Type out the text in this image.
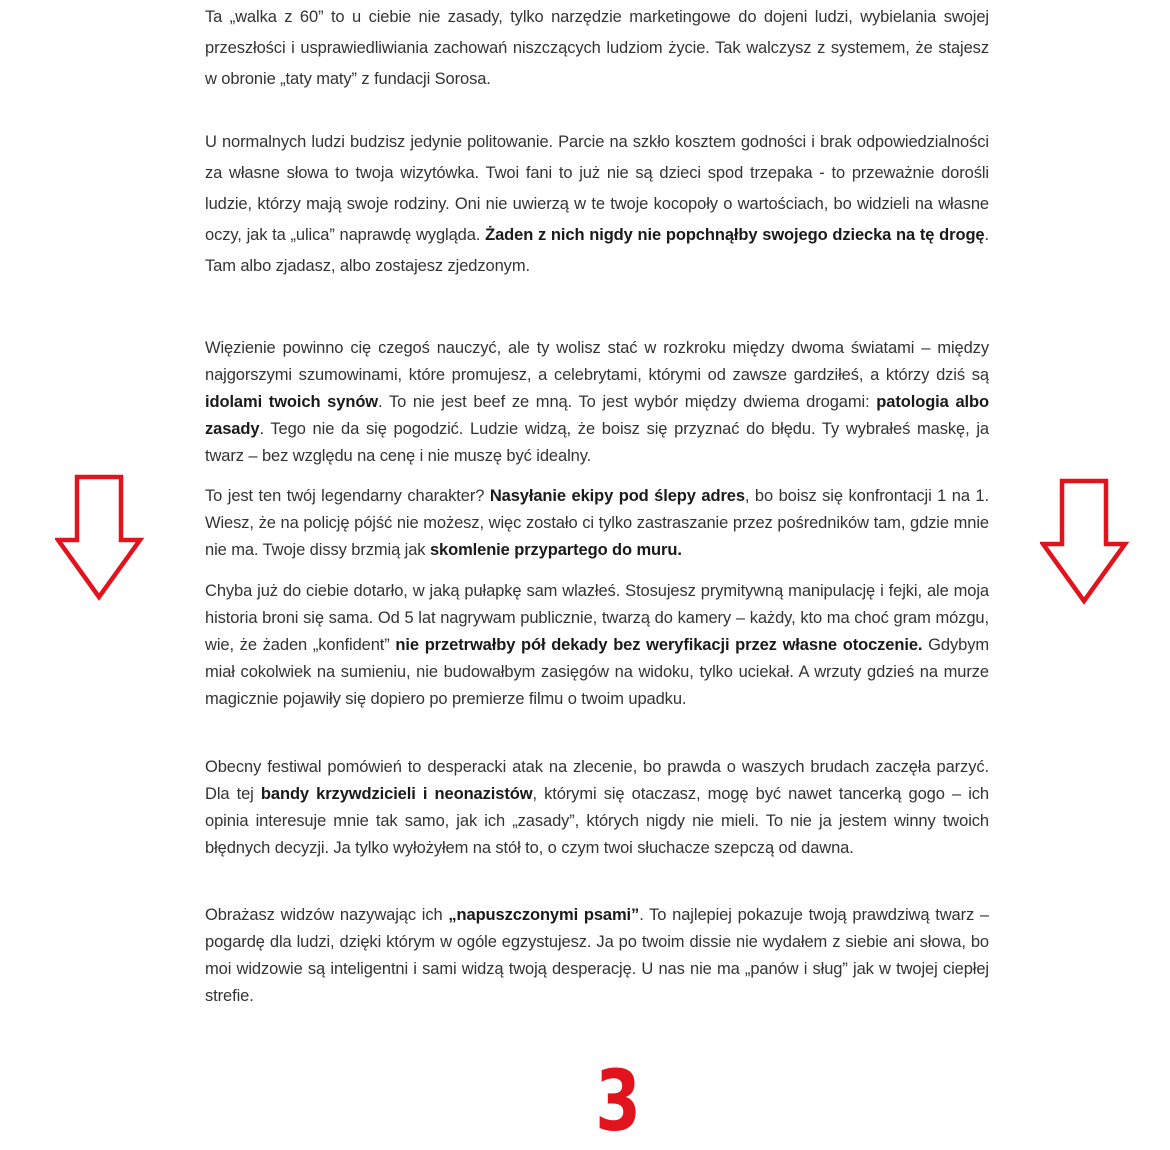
Ta „walka z 60” to u ciebie nie zasady, tylko narzędzie marketingowe do dojeni ludzi, wybielania swojej przeszłości i usprawiedliwiania zachowań niszczących ludziom życie. Tak walczysz z systemem, że stajesz w obronie „taty maty” z fundacji Sorosa.

U normalnych ludzi budzisz jedynie politowanie. Parcie na szkło kosztem godności i brak odpowiedzialności za własne słowa to twoja wizytówka. Twoi fani to już nie są dzieci spod trzepaka - to przeważnie dorośli ludzie, którzy mają swoje rodziny. Oni nie uwierzą w te twoje kocopoły o wartościach, bo widzieli na własne oczy, jak ta „ulica” naprawdę wygląda. Żaden z nich nigdy nie popchnąłby swojego dziecka na tę drogę. Tam albo zjadasz, albo zostajesz zjedzonym.

Więzienie powinno cię czegoś nauczyć, ale ty wolisz stać w rozkroku między dwoma światami – między najgorszymi szumowinami, które promujesz, a celebrytami, którymi od zawsze gardziłeś, a którzy dziś są idolami twoich synów. To nie jest beef ze mną. To jest wybór między dwiema drogami: patologia albo zasady. Tego nie da się pogodzić. Ludzie widzą, że boisz się przyznać do błędu. Ty wybrałeś maskę, ja twarz – bez względu na cenę i nie muszę być idealny.

To jest ten twój legendarny charakter? Nasyłanie ekipy pod ślepy adres, bo boisz się konfrontacji 1 na 1. Wiesz, że na policję pójść nie możesz, więc zostało ci tylko zastraszanie przez pośredników tam, gdzie mnie nie ma. Twoje dissy brzmią jak skomlenie przypartego do muru.

Chyba już do ciebie dotarło, w jaką pułapkę sam wlazłeś. Stosujesz prymitywną manipulację i fejki, ale moja historia broni się sama. Od 5 lat nagrywam publicznie, twarzą do kamery – każdy, kto ma choć gram mózgu, wie, że żaden „konfident” nie przetrwałby pół dekady bez weryfikacji przez własne otoczenie. Gdybym miał cokolwiek na sumieniu, nie budowałbym zasięgów na widoku, tylko uciekał. A wrzuty gdzieś na murze magicznie pojawiły się dopiero po premierze filmu o twoim upadku.

Obecny festiwal pomówień to desperacki atak na zlecenie, bo prawda o waszych brudach zaczęła parzyć. Dla tej bandy krzywdzicieli i neonazistów, którymi się otaczasz, mogę być nawet tancerką gogo – ich opinia interesuje mnie tak samo, jak ich „zasady”, których nigdy nie mieli. To nie ja jestem winny twoich błędnych decyzji. Ja tylko wyłożyłem na stół to, o czym twoi słuchacze szepczą od dawna.

Obrażasz widzów nazywając ich „napuszczonymi psami”. To najlepiej pokazuje twoją prawdziwą twarz – pogardę dla ludzi, dzięki którym w ogóle egzystujesz. Ja po twoim dissie nie wydałem z siebie ani słowa, bo moi widzowie są inteligentni i sami widzą twoją desperację. U nas nie ma „panów i sług” jak w twojej ciepłej strefie.

3
